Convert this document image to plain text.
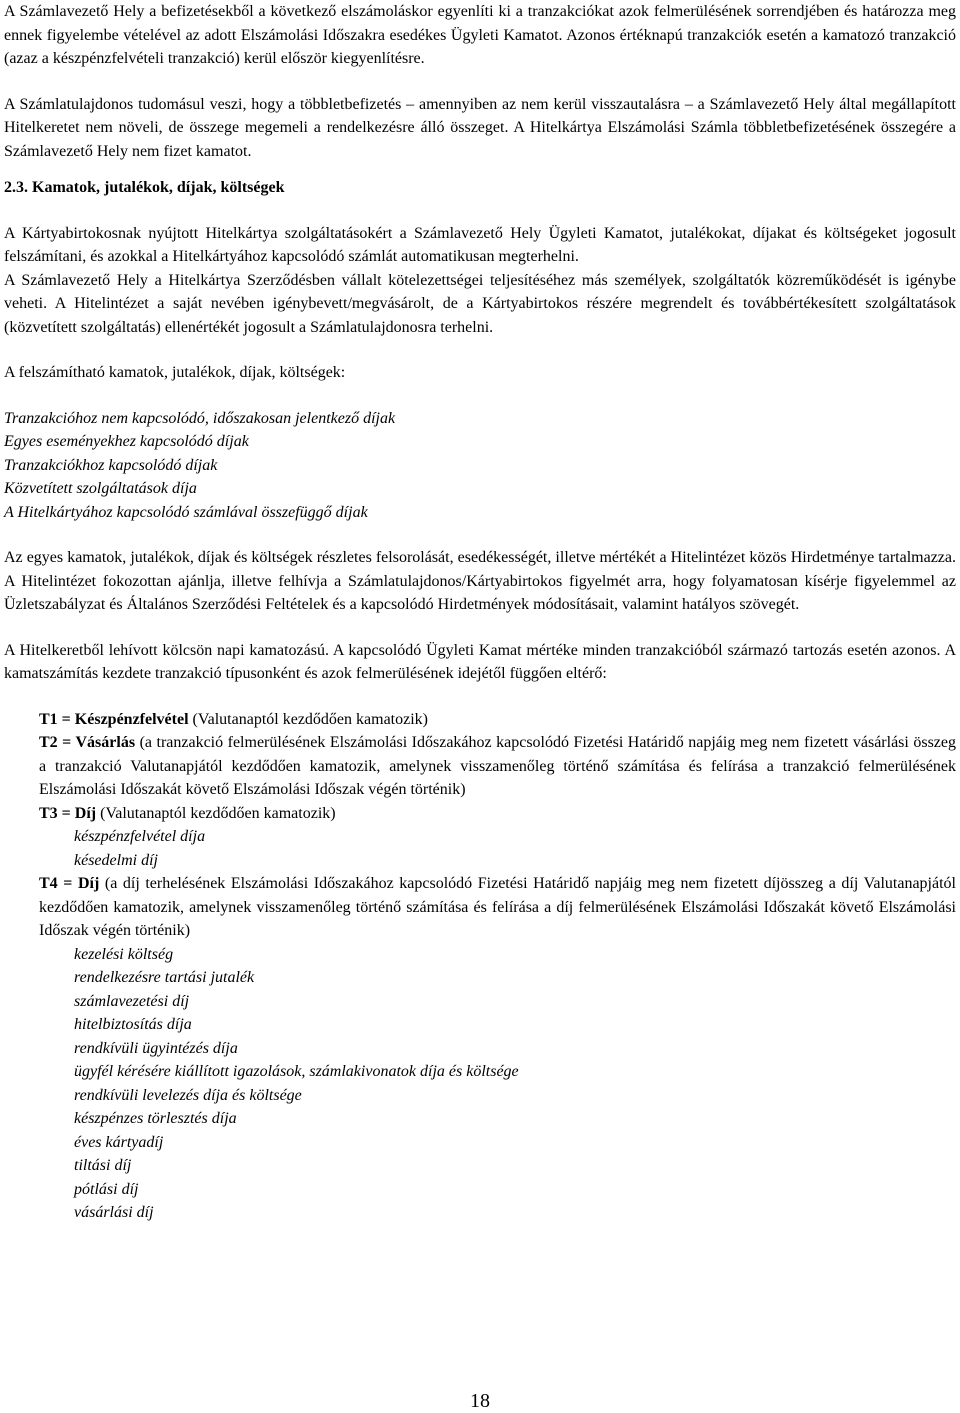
A Számlavezető Hely a befizetésekből a következő elszámoláskor egyenlíti ki a tranzakciókat azok felmerülésének sorrendjében és határozza meg ennek figyelembe vételével az adott Elszámolási Időszakra esedékes Ügyleti Kamatot. Azonos értéknapú tranzakciók esetén a kamatozó tranzakció (azaz a készpénzfelvételi tranzakció) kerül először kiegyenlítésre.

A Számlatulajdonos tudomásul veszi, hogy a többletbefizetés – amennyiben az nem kerül visszautalásra – a Számlavezető Hely által megállapított Hitelkeretet nem növeli, de összege megemeli a rendelkezésre álló összeget. A Hitelkártya Elszámolási Számla többletbefizetésének összegére a Számlavezető Hely nem fizet kamatot.

2.3. Kamatok, jutalékok, díjak, költségek

A Kártyabirtokosnak nyújtott Hitelkártya szolgáltatásokért a Számlavezető Hely Ügyleti Kamatot, jutalékokat, díjakat és költségeket jogosult felszámítani, és azokkal a Hitelkártyához kapcsolódó számlát automatikusan megterhelni.

A Számlavezető Hely a Hitelkártya Szerződésben vállalt kötelezettségei teljesítéséhez más személyek, szolgáltatók közreműködését is igénybe veheti. A Hitelintézet a saját nevében igénybevett/megvásárolt, de a Kártyabirtokos részére megrendelt és továbbértékesített szolgáltatások (közvetített szolgáltatás) ellenértékét jogosult a Számlatulajdonosra terhelni.

A felszámítható kamatok, jutalékok, díjak, költségek:

Tranzakcióhoz nem kapcsolódó, időszakosan jelentkező díjak
Egyes eseményekhez kapcsolódó díjak
Tranzakciókhoz kapcsolódó díjak
Közvetített szolgáltatások díja
A Hitelkártyához kapcsolódó számlával összefüggő díjak

Az egyes kamatok, jutalékok, díjak és költségek részletes felsorolását, esedékességét, illetve mértékét a Hitelintézet közös Hirdetménye tartalmazza. A Hitelintézet fokozottan ajánlja, illetve felhívja a Számlatulajdonos/Kártyabirtokos figyelmét arra, hogy folyamatosan kísérje figyelemmel az Üzletszabályzat és Általános Szerződési Feltételek és a kapcsolódó Hirdetmények módosításait, valamint hatályos szövegét.

A Hitelkeretből lehívott kölcsön napi kamatozású. A kapcsolódó Ügyleti Kamat mértéke minden tranzakcióból származó tartozás esetén azonos. A kamatszámítás kezdete tranzakció típusonként és azok felmerülésének idejétől függően eltérő:

T1 = Készpénzfelvétel (Valutanaptól kezdődően kamatozik)

T2 = Vásárlás (a tranzakció felmerülésének Elszámolási Időszakához kapcsolódó Fizetési Határidő napjáig meg nem fizetett vásárlási összeg a tranzakció Valutanapjától kezdődően kamatozik, amelynek visszamenőleg történő számítása és felírása a tranzakció felmerülésének Elszámolási Időszakát követő Elszámolási Időszak végén történik)

T3 = Díj (Valutanaptól kezdődően kamatozik)

készpénzfelvétel díja
késedelmi díj

T4 = Díj (a díj terhelésének Elszámolási Időszakához kapcsolódó Fizetési Határidő napjáig meg nem fizetett díjösszeg a díj Valutanapjától kezdődően kamatozik, amelynek visszamenőleg történő számítása és felírása a díj felmerülésének Elszámolási Időszakát követő Elszámolási Időszak végén történik)

kezelési költség
rendelkezésre tartási jutalék
számlavezetési díj
hitelbiztosítás díja
rendkívüli ügyintézés díja
ügyfél kérésére kiállított igazolások, számlakivonatok díja és költsége
rendkívüli levelezés díja és költsége
készpénzes törlesztés díja
éves kártyadíj
tiltási díj
pótlási díj
vásárlási díj
18
